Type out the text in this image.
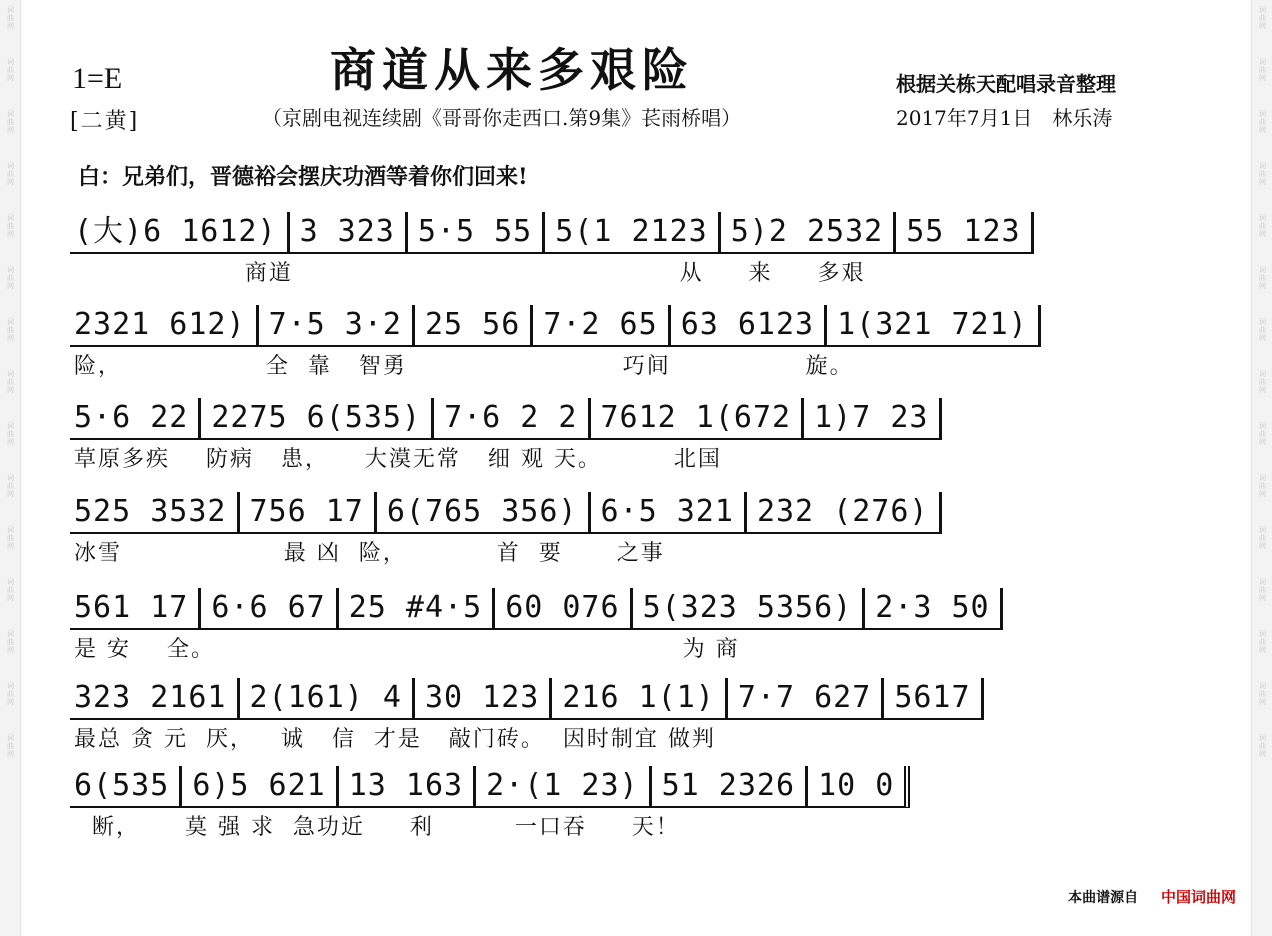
词曲网
词曲网
词曲网
词曲网
词曲网
词曲网
词曲网
词曲网
词曲网
词曲网
词曲网
词曲网
词曲网
词曲网
词曲网
词曲网
词曲网
词曲网
词曲网
词曲网
词曲网
词曲网
词曲网
词曲网
词曲网
词曲网
词曲网
词曲网
词曲网
词曲网
商道从来多艰险
1=E
[二黄]	（京剧电视连续剧《哥哥你走西口.第9集》苌雨桥唱）
根据关栋天配唱录音整理
2017年7月1日　林乐涛
白：兄弟们，晋德裕会摆庆功酒等着你们回来!
(大)6 1612) 3 323 5·5 55 5(1 2123 5)2 2532 55 123
商道                                           从     来     多艰
2321 612) 7·5 3·2 25 56 7·2 65 63 6123 1(321 721)
险，                全  靠   智勇                        巧间               旋。
5·6 22 2275 6(535) 7·6 2 2 7612 1(672 1)7 23
草原多疾    防病   患，    大漠无常   细 观 天。        北国
525 3532 756 17 6(765 356) 6·5 321 232 (276)
冰雪                  最 凶  险，          首  要      之事
561 17 6·6 67 25 #4·5 60 076 5(323 5356) 2·3 50
是 安    全。                                                    为 商
323 2161 2(161) 4 30 123 216 1(1) 7·7 627 5617
最总 贪 元  厌，   诚   信  才是   敲门砖。  因时制宜 做判
6(535 6)5 621 13 163 2·(1 23) 51 2326 10 0
断，     莫 强 求  急功近     利         一口吞     天！
本曲谱源自 中国词曲网
